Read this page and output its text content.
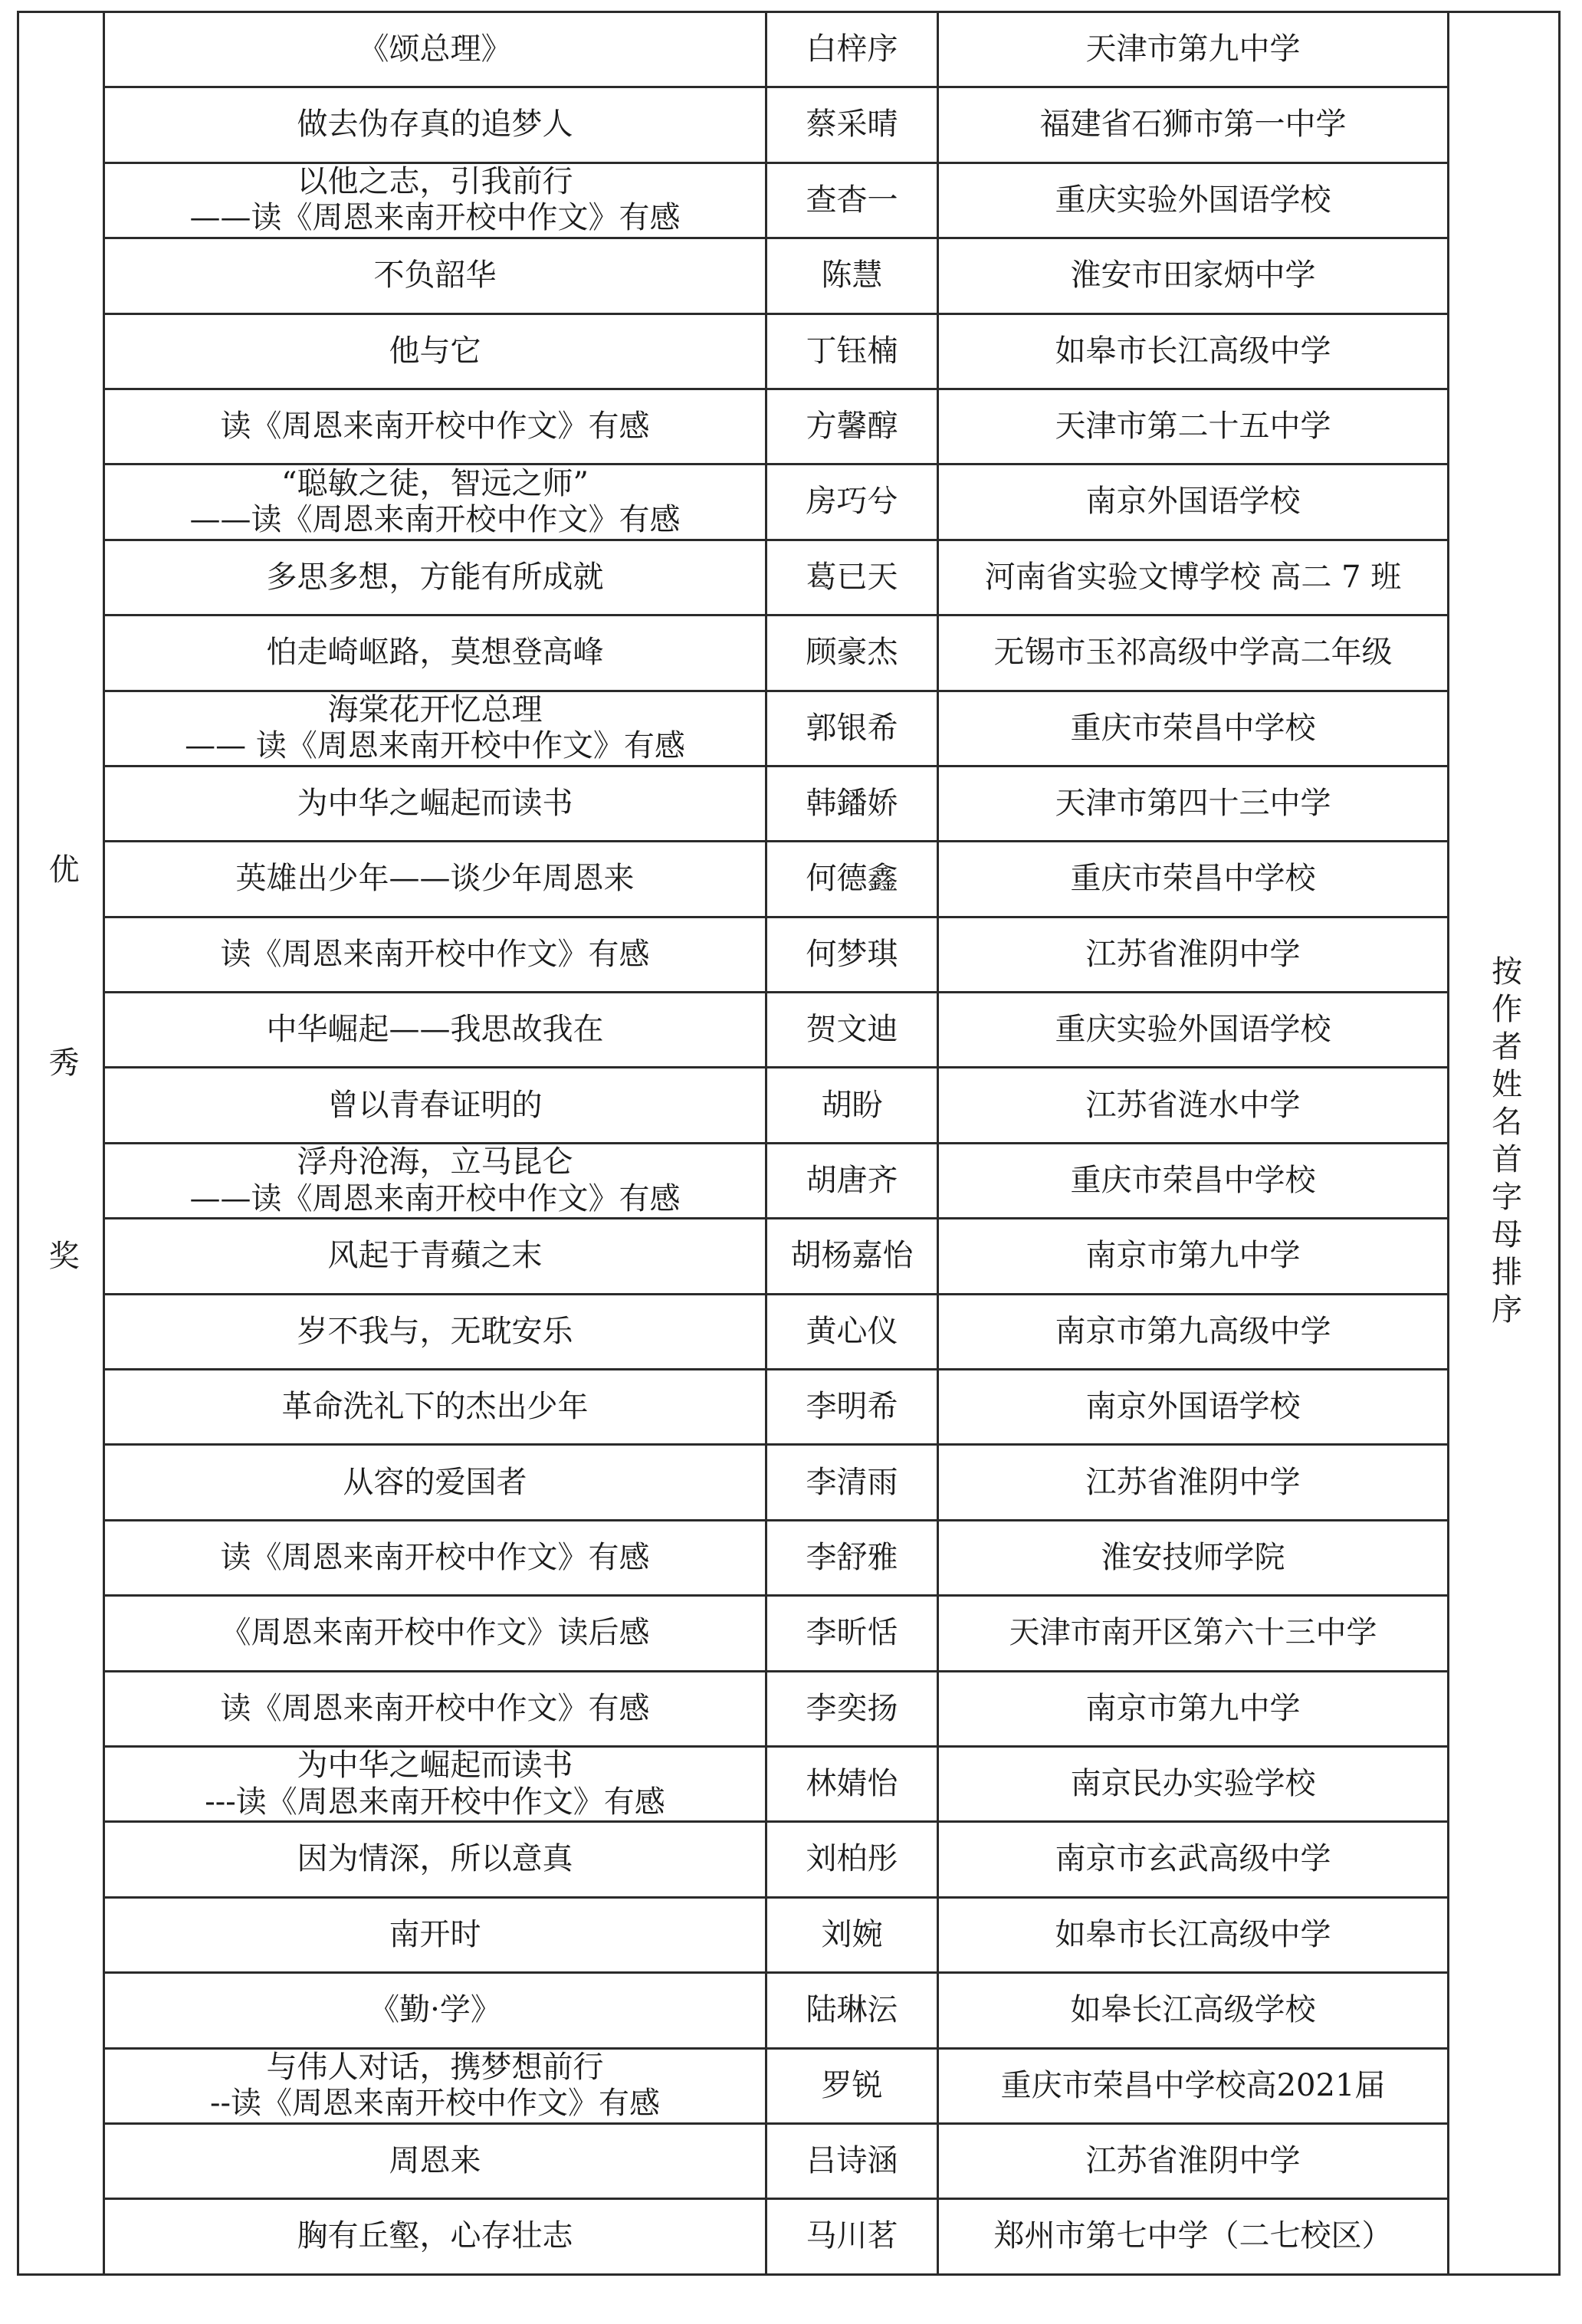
优秀奖	《颂总理》	白梓序	天津市第九中学	按作者姓名首字母排序

	做去伪存真的追梦人	蔡采晴	福建省石狮市第一中学	

	以他之志，引我前行
——读《周恩来南开校中作文》有感	查杳一	重庆实验外国语学校	

	不负韶华	陈慧	淮安市田家炳中学	

	他与它	丁钰楠	如皋市长江高级中学	

	读《周恩来南开校中作文》有感	方馨醇	天津市第二十五中学	

	“聪敏之徒，智远之师”
——读《周恩来南开校中作文》有感	房巧兮	南京外国语学校	

	多思多想，方能有所成就	葛已天	河南省实验文博学校 高二 7 班	

	怕走崎岖路，莫想登高峰	顾豪杰	无锡市玉祁高级中学高二年级	

	海棠花开忆总理
—— 读《周恩来南开校中作文》有感	郭银希	重庆市荣昌中学校	

	为中华之崛起而读书	韩鐇娇	天津市第四十三中学	

	英雄出少年——谈少年周恩来	何德鑫	重庆市荣昌中学校	

	读《周恩来南开校中作文》有感	何梦琪	江苏省淮阴中学	

	中华崛起——我思故我在	贺文迪	重庆实验外国语学校	

	曾以青春证明的	胡盼	江苏省涟水中学	

	浮舟沧海，立马昆仑
——读《周恩来南开校中作文》有感	胡唐齐	重庆市荣昌中学校	

	风起于青蘋之末	胡杨嘉怡	南京市第九中学	

	岁不我与，无耽安乐	黄心仪	南京市第九高级中学	

	革命洗礼下的杰出少年	李明希	南京外国语学校	

	从容的爱国者	李清雨	江苏省淮阴中学	

	读《周恩来南开校中作文》有感	李舒雅	淮安技师学院	

	《周恩来南开校中作文》读后感	李昕恬	天津市南开区第六十三中学	

	读《周恩来南开校中作文》有感	李奕扬	南京市第九中学	

	为中华之崛起而读书
---读《周恩来南开校中作文》有感	林婧怡	南京民办实验学校	

	因为情深，所以意真	刘柏彤	南京市玄武高级中学	

	南开时	刘婉	如皋市长江高级中学	

	《勤·学》	陆琳沄	如皋长江高级学校	

	与伟人对话，携梦想前行
--读《周恩来南开校中作文》有感	罗锐	重庆市荣昌中学校高2021届	

	周恩来	吕诗涵	江苏省淮阴中学	

	胸有丘壑，心存壮志	马川茗	郑州市第七中学（二七校区）	
